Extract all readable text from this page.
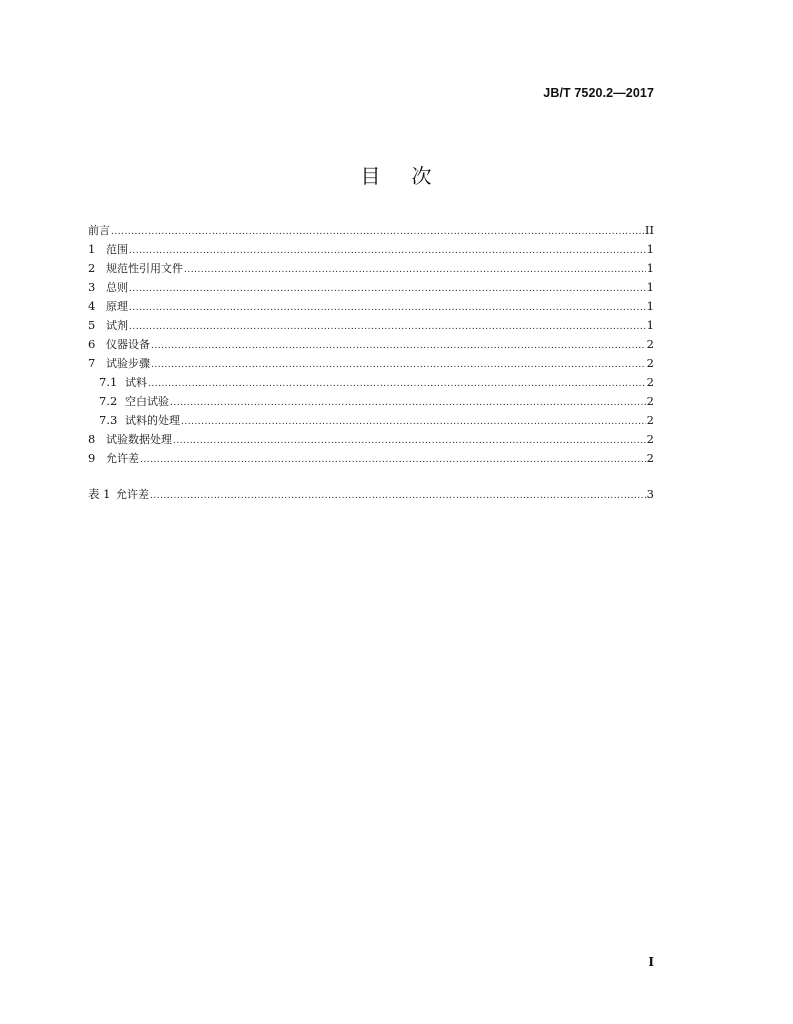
JB/T 7520.2—2017
目 次
前言 .....	II
1 范围 .....	1
2 规范性引用文件 .....	1
3 总则 .....	1
4 原理 .....	1
5 试剂 .....	1
6 仪器设备 .....	2
7 试验步骤 .....	2
7.1 试料 .....	2
7.2 空白试验 .....	2
7.3 试料的处理 .....	2
8 试验数据处理 .....	2
9 允许差 .....	2
表 1 允许差 .....	3
I
